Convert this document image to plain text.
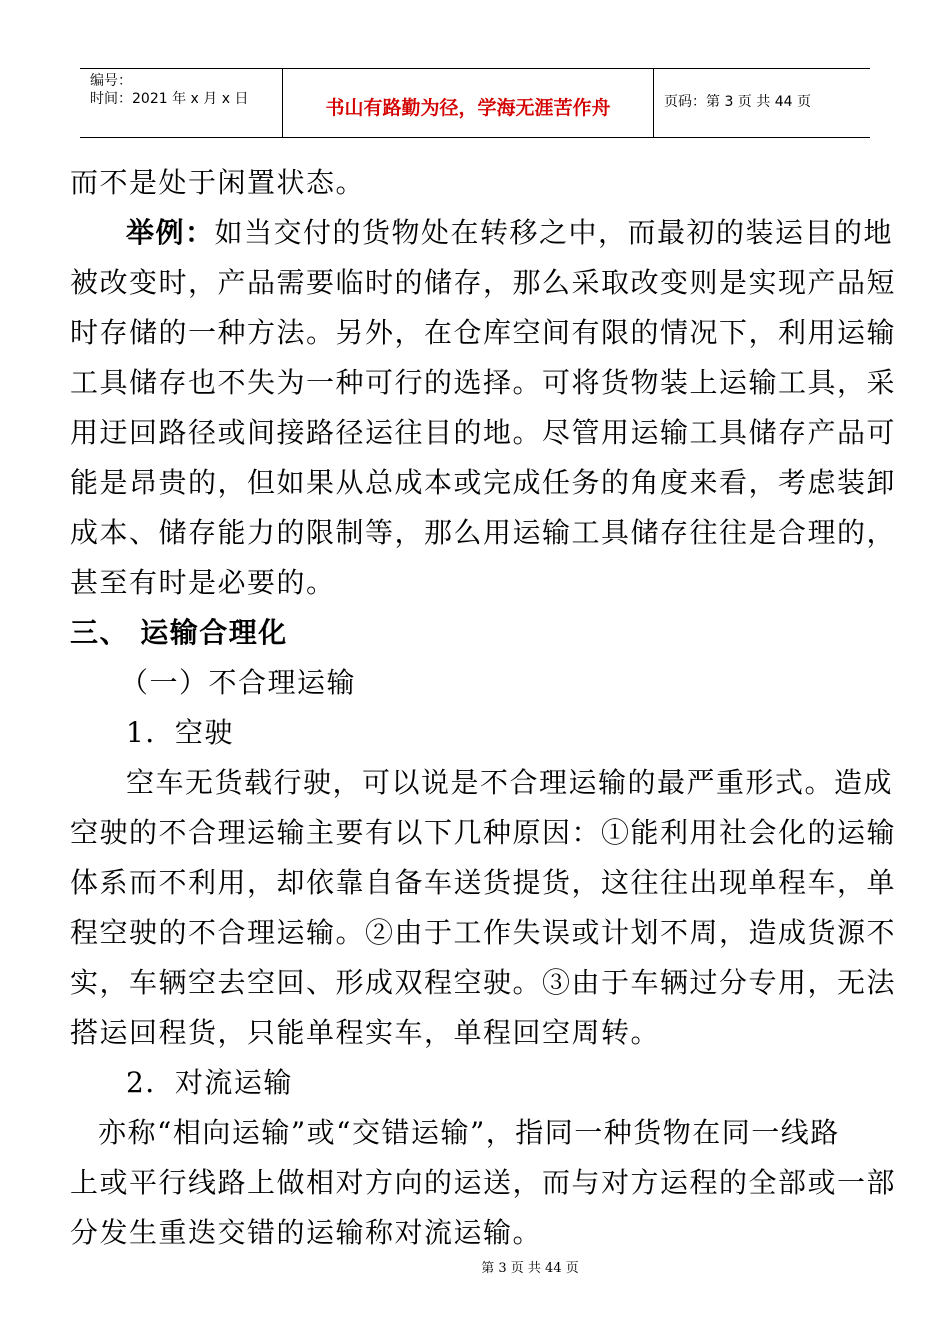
编号：
时间：2021 年 x 月 x 日	书山有路勤为径，学海无涯苦作舟	页码：第 3 页 共 44 页
而不是处于闲置状态。
举例：如当交付的货物处在转移之中，而最初的装运目的地
被改变时，产品需要临时的储存，那么采取改变则是实现产品短
时存储的一种方法。另外，在仓库空间有限的情况下，利用运输
工具储存也不失为一种可行的选择。可将货物装上运输工具，采
用迂回路径或间接路径运往目的地。尽管用运输工具储存产品可
能是昂贵的，但如果从总成本或完成任务的角度来看，考虑装卸
成本、储存能力的限制等，那么用运输工具储存往往是合理的，
甚至有时是必要的。
三、 运输合理化
（一）不合理运输
1．空驶
空车无货载行驶，可以说是不合理运输的最严重形式。造成
空驶的不合理运输主要有以下几种原因：①能利用社会化的运输
体系而不利用，却依靠自备车送货提货，这往往出现单程车，单
程空驶的不合理运输。②由于工作失误或计划不周，造成货源不
实，车辆空去空回、形成双程空驶。③由于车辆过分专用，无法
搭运回程货，只能单程实车，单程回空周转。
2．对流运输
亦称“相向运输”或“交错运输”，指同一种货物在同一线路
上或平行线路上做相对方向的运送，而与对方运程的全部或一部
分发生重迭交错的运输称对流运输。
第 3 页 共 44 页
